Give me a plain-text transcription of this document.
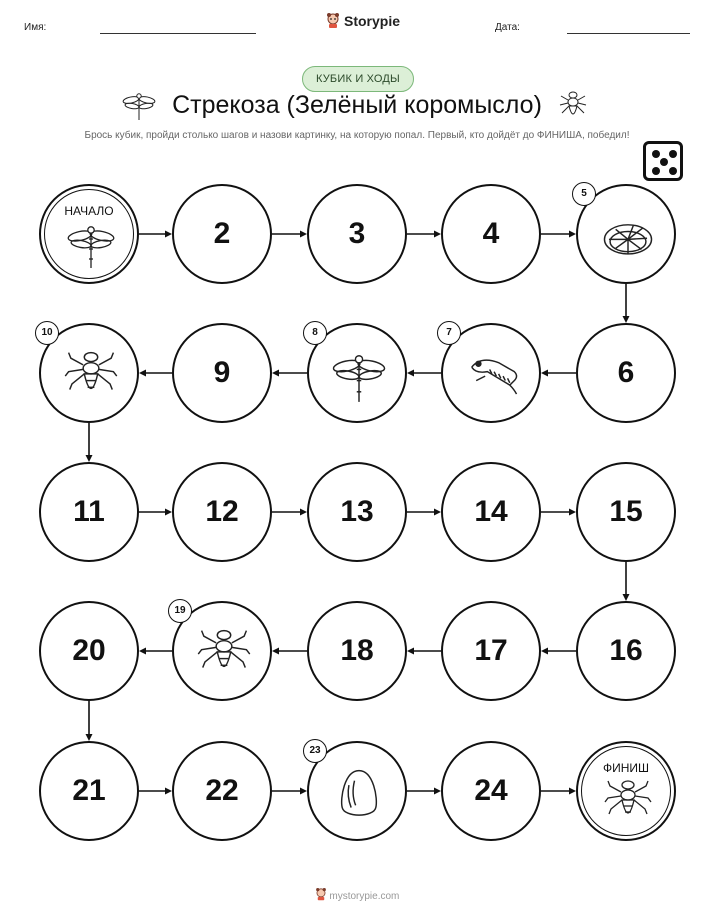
Имя:	Storypie	Дата:
КУБИК И ХОДЫ
Стрекоза (Зелёный коромысло)
Брось кубик, пройди столько шагов и назови картинку, на которую попал. Первый, кто дойдёт до ФИНИША, победил!
НАЧАЛО
2	3	4
5
6
7
8
9
10
11	12	13	14	15
16
17
18
19
20
21	22
23
24
ФИНИШ
mystorypie.com
